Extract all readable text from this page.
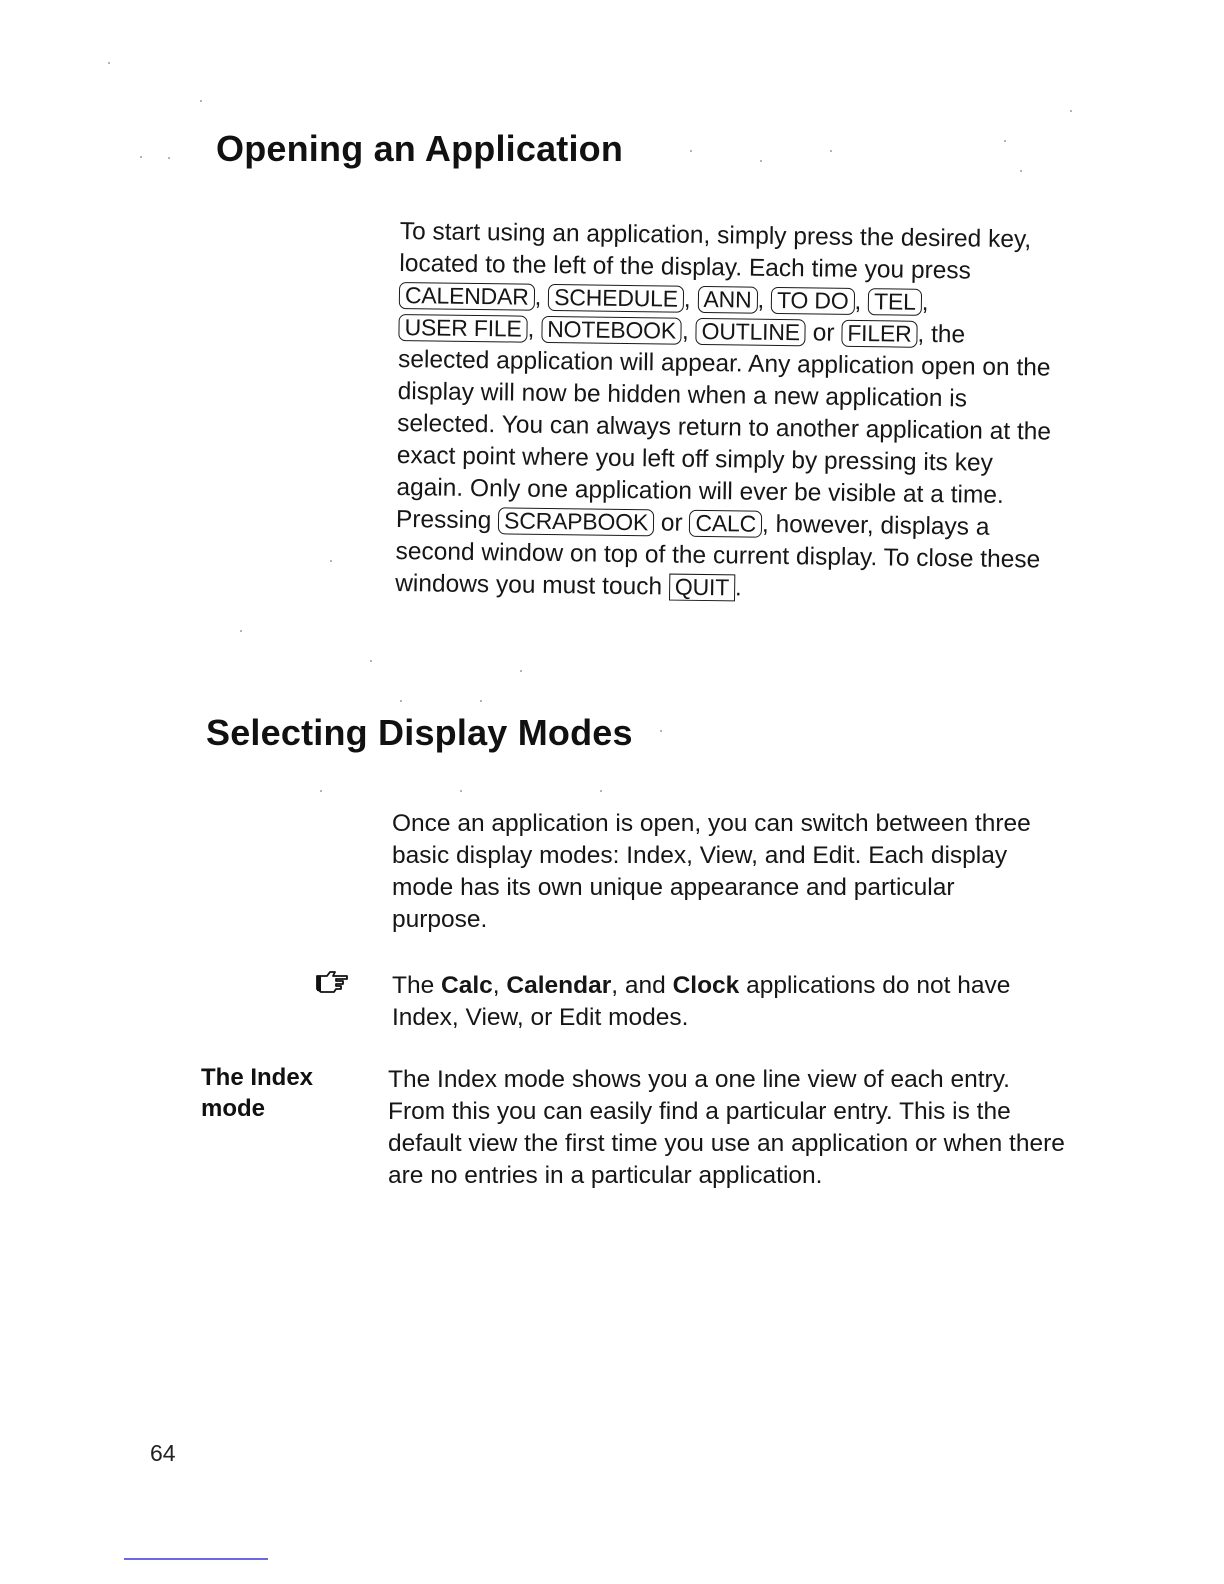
Opening an Application

To start using an application, simply press the desired key, located to the left of the display. Each time you press CALENDAR , SCHEDULE , ANN , TO DO , TEL , USER FILE , NOTEBOOK , OUTLINE or FILER , the selected application will appear. Any application open on the display will now be hidden when a new application is selected. You can always return to another application at the exact point where you left off simply by pressing its key again. Only one application will ever be visible at a time. Pressing SCRAPBOOK or CALC , however, displays a second window on top of the current display. To close these windows you must touch QUIT .

Selecting Display Modes

Once an application is open, you can switch between three basic display modes: Index, View, and Edit. Each display mode has its own unique appearance and particular purpose.

The Calc, Calendar, and Clock applications do not have Index, View, or Edit modes.

The Index
mode

The Index mode shows you a one line view of each entry. From this you can easily find a particular entry. This is the default view the first time you use an application or when there are no entries in a particular application.

64
